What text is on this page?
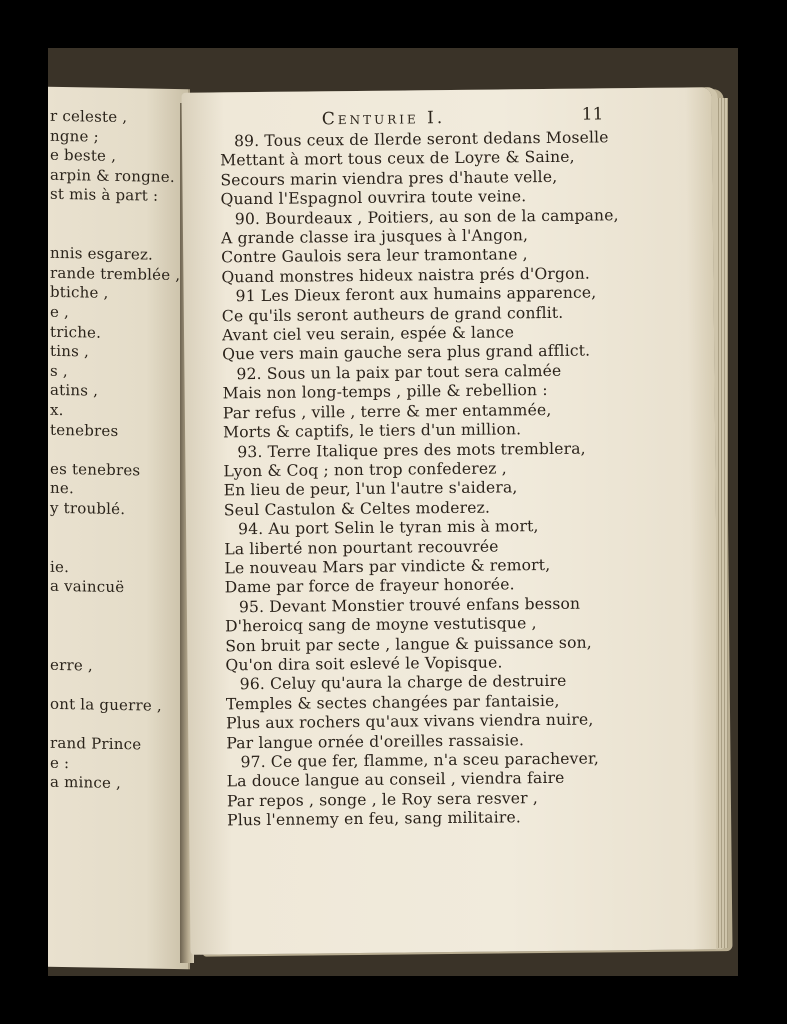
r celeste ,
ngne ;
e beste ,
arpin & rongne.
st mis à part :
nnis esgarez.
rande tremblée ,
btiche ,
e ,
triche.
tins ,
s ,
atins ,
x.
tenebres
es tenebres
ne.
y troublé.
ie.
a vaincuë
erre ,
ont la guerre ,
rand Prince
e :
a mince ,
Centurie I.	11
89. Tous ceux de Ilerde seront dedans Moselle
Mettant à mort tous ceux de Loyre & Saine,
Secours marin viendra pres d'haute velle,
Quand l'Espagnol ouvrira toute veine.
90. Bourdeaux , Poitiers, au son de la campane,
A grande classe ira jusques à l'Angon,
Contre Gaulois sera leur tramontane ,
Quand monstres hideux naistra prés d'Orgon.
91 Les Dieux feront aux humains apparence,
Ce qu'ils seront autheurs de grand conflit.
Avant ciel veu serain, espée & lance
Que vers main gauche sera plus grand afflict.
92. Sous un la paix par tout sera calmée
Mais non long-temps , pille & rebellion :
Par refus , ville , terre & mer entammée,
Morts & captifs, le tiers d'un million.
93. Terre Italique pres des mots tremblera,
Lyon & Coq ; non trop confederez ,
En lieu de peur, l'un l'autre s'aidera,
Seul Castulon & Celtes moderez.
94. Au port Selin le tyran mis à mort,
La liberté non pourtant recouvrée
Le nouveau Mars par vindicte & remort,
Dame par force de frayeur honorée.
95. Devant Monstier trouvé enfans besson
D'heroicq sang de moyne vestutisque ,
Son bruit par secte , langue & puissance son,
Qu'on dira soit eslevé le Vopisque.
96. Celuy qu'aura la charge de destruire
Temples & sectes changées par fantaisie,
Plus aux rochers qu'aux vivans viendra nuire,
Par langue ornée d'oreilles rassaisie.
97. Ce que fer, flamme, n'a sceu parachever,
La douce langue au conseil , viendra faire
Par repos , songe , le Roy sera resver ,
Plus l'ennemy en feu, sang militaire.
